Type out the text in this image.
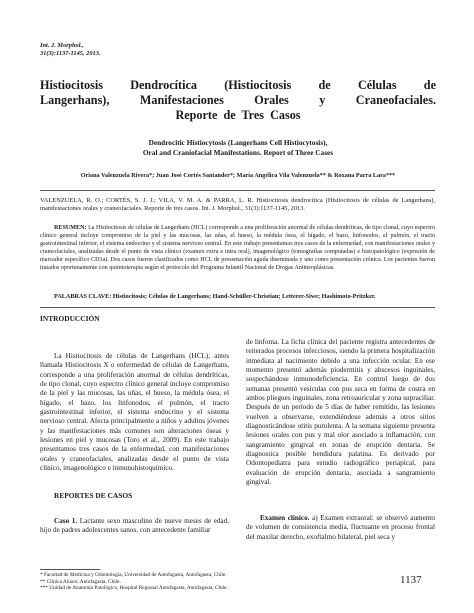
Int. J. Morphol.,
31(3):1137-1145, 2013.
Histiocitosis Dendrocítica (Histiocitosis de Células de
Langerhans), Manifestaciones Orales y Craneofaciales.
Reporte de Tres Casos
Dendrocitic Histiocytosis (Langerhans Cell Histiocytosis),
Oral and Craniofacial Manifestations. Report of Three Cases
Oriana Valenzuela Rivera*; Juan José Cortés Santander*; María Angélica Vila Valenzuela** & Roxana Parra Lara***
VALENZUELA, R. O.; CORTÉS, S. J. J.; VILA, V. M. A. & PARRA, L. R. Histiocitosis dendrocítica (Histiocitosis de células de Langerhans), manifestaciones orales y craneofaciales. Reporte de tres casos. Int. J. Morphol., 31(3):1137-1145, 2013.
RESUMEN: La Histiocitosis de células de Langerhans (HCL) corresponde a una proliferación anormal de células dendríticas, de tipo clonal, cuyo espectro clínico general incluye compromiso de la piel y las mucosas, las uñas, el hueso, la médula ósea, el hígado, el bazo, linfonodos, el pulmón, el tracto gastrointestinal inferior, el sistema endocrino y el sistema nervioso central. En este trabajo presentamos tres casos de la enfermedad, con manifestaciones orales y craneofaciales, analizadas desde el punto de vista clínico (examen extra e intra oral), imagenológico (tomografías computadas) e histopatológico (expresión de marcador específico CD1a). Dos casos fueron clasificados como HCL de presentación aguda diseminada y uno como presentación crónica. Los pacientes fueron tratados oportunamente con quimioterapia según el protocolo del Programa Infantil Nacional de Drogas Antineoplásicas.
PALABRAS CLAVE: Histiocitosis; Células de Langerhans; Hand-Schüller-Christian; Letterer-Siwe; Hashimoto-Pritzker.
INTRODUCCIÓN

La Histiocitosis de células de Langerhans (HCL), antes llamada Histiocitosis X o enfermedad de células de Langerhans, corresponde a una proliferación anormal de células dendríticas, de tipo clonal, cuyo espectro clínico general incluye compromiso de la piel y las mucosas, las uñas, el hueso, la médula ósea, el hígado, el bazo, los linfonodos, el pulmón, el tracto gastrointestinal inferior, el sistema endocrino y el sistema nervioso central. Afecta principalmente a niños y adultos jóvenes y las manifestaciones más comunes son alteraciones óseas y lesiones en piel y mucosas (Toro et al., 2009). En este trabajo presentamos tres casos de la enfermedad, con manifestaciones orales y craneofaciales, analizadas desde el punto de vista clínico, imagenológico e inmunohistoquímico.

REPORTES DE CASOS

Caso 1. Lactante sexo masculino de nueve meses de edad, hijo de padres adolescentes sanos, con antecedente familiar

de linfoma. La ficha clínica del paciente registra antecedentes de reiterados procesos infecciosos, siendo la primera hospitalización inmediata al nacimiento debido a una infección ocular. En ese momento presentó además piodermitis y abscesos inguinales, sospechándose inmunodeficiencia. En control luego de dos semanas presentó vesículas con pus seca en forma de costra en ambos pliegues inguinales, zona retroauricular y zona supraciliar. Después de un período de 5 días de haber remitido, las lesiones vuelven a observarse, extendiéndose además a otros sitios diagnosticándose otitis purulenta. A la semana siguiente presenta lesiones orales con pus y mal olor asociado a inflamación, con sangramiento gingival en zonas de erupción dentaria. Se diagnostica posible hendidura palatina. Es derivado por Odontopediatra para estudio radiográfico periapical, para evaluación de erupción dentaria, asociada a sangramiento gingival.

Examen clínico. a) Examen extraoral: se observó aumento de volumen de consistencia media, fluctuante en proceso frontal del maxilar derecho, exoftalmo bilateral, piel seca y

* Facultad de Medicina y Odontología, Universidad de Antofagasta, Antofagasta, Chile.
** Clínica Aluzor, Antofagasta, Chile.
*** Unidad de Anatomía Patológica, Hospital Regional Antofagasta, Antofagasta, Chile.
1137
